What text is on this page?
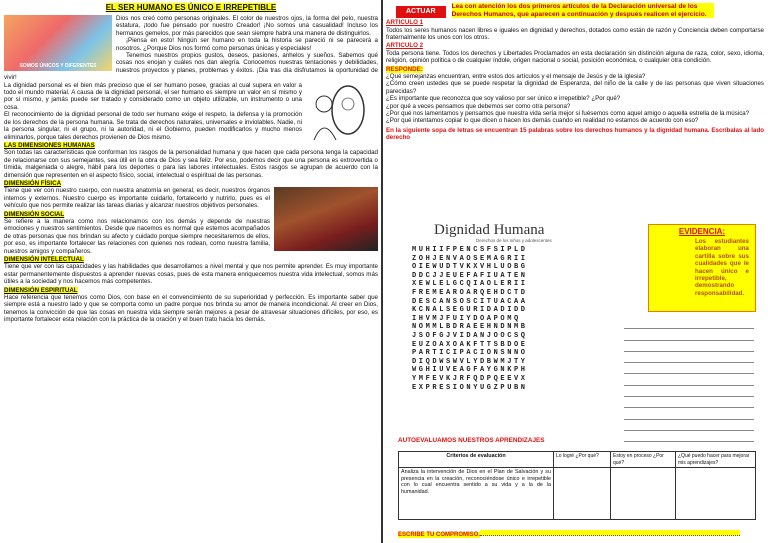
EL SER HUMANO ES ÚNICO E IRREPETIBLE
SOMOS ÚNICOS Y DIFERENTES

Dios nos creó como personas originales. El color de nuestros ojos, la forma del pelo, nuestra estatura, ¡todo fue pensado por nuestro Creador! ¡No somos una casualidad! Incluso los hermanos gemelos, por más parecidos que sean siempre habrá una manera de distinguirlos.

¡Piensa en esto! Ningún ser humano en toda la historia se pareció ni se parecerá a nosotros. ¿Porque Dios nos formó como personas únicas y especiales!

Tenemos nuestros propios gustos, deseos, pasiones, anhelos y sueños. Sabemos qué cosas nos enojan y cuáles nos dan alegría. Conocemos nuestras tentaciones y debilidades, nuestros proyectos y planes, problemas y éxitos. ¡Dia tras día disfrutamos la oportunidad de vivir!

La dignidad personal es el bien más precioso que el ser humano posee, gracias al cual supera en valor a todo el mundo material. A causa de la dignidad personal, el ser humano es siempre un valor en sí mismo y por sí mismo, y jamás puede ser tratado y considerado como un objeto utilizable, un instrumento o una cosa.

El reconocimiento de la dignidad personal de todo ser humano exige el respeto, la defensa y la promoción de los derechos de la persona humana. Se trata de derechos naturales, universales e inviolables. Nadie, ni la persona singular, ni el grupo, ni la autoridad, ni el Gobierno, pueden modificarlos y mucho menos eliminarlos, porque tales derechos provienen de Dios mismo.

LAS DIMENSIONES HUMANAS

Son todas las características que conforman los rasgos de la personalidad humana y que hacen que cada persona tenga la capacidad de relacionarse con sus semejantes, sea útil en la obra de Dios y sea feliz. Por eso, podemos decir que una persona es extrovertida o tímida, malgeniada o alegre, hábil para los deportes o para las labores intelectuales. Estos rasgos se agrupan de acuerdo con la dimensión que representen en el aspecto físico, social, intelectual o espiritual de las personas.

DIMENSIÓN FÍSICA

Tiene que ver con nuestro cuerpo, con nuestra anatomía en general, es decir, nuestros órganos internos y externos. Nuestro cuerpo es importante cuidarlo, fortalecerlo y nutrirlo, pues es el vehículo que nos permite realizar las tareas diarias y alcanzar nuestros objetivos personales.

DIMENSIÓN SOCIAL

Se refiere a la manera como nos relacionamos con los demás y depende de nuestras emociones y nuestros sentimientos. Desde que nacemos es normal que estemos acompañados de otras personas que nos brindan su afecto y cuidado porque siempre necesitaremos de ellos, por eso, es importante fortalecer las relaciones con quienes nos rodean, como nuestra familia, nuestros amigos y compañeros.

DIMENSIÓN INTELECTUAL

Tiene que ver con las capacidades y las habilidades que desarrollamos a nivel mental y que nos permite aprender. Es muy importante estar permanentemente dispuestos a aprender nuevas cosas, pues de esta manera enriquecemos nuestra vida intelectual, somos más útiles a la sociedad y nos hacemos más competentes.

DIMENSIÓN ESPIRITUAL

Hace referencia que tenemos como Dios, con base en el convencimiento de su superioridad y perfección. Es importante saber que siempre está a nuestro lado y que se comporta como un padre porque nos brinda su amor de manera incondicional. Al creer en Dios, tenemos la convicción de que las cosas en nuestra vida siempre serán mejores a pesar de atravesar situaciones difíciles, por eso, es importante fortalecer esta relación con la práctica de la oración y el buen trato hacia los demás.

ACTUARLea con atención los dos primeros artículos de la Declaración universal de los Derechos Humanos, que aparecen a continuación y después realicen el ejercicio.
ARTICULO 1

Todos los seres humanos nacen libres e iguales en dignidad y derechos, dotados como están de razón y Conciencia deben comportarse fraternalmente los unos con los otros.

ARTICULO 2

Toda persona tiene. Todos los derechos y Libertades Proclamados en esta declaración sin distinción alguna de raza, color, sexo, idioma, religión, opinión política o de cualquier índole, origen nacional o social, posición económica, o cualquier otra condición.

RESPONDE:

¿Qué semejanzas encuentran, entre estos dos artículos y el mensaje de Jesús y de la iglesia?

¿Cómo creen ustedes que se puede respetar la dignidad de Esperanza, del niño de la calle y de las personas que viven situaciones parecidas?

¿Es importante que reconozca que soy valioso por ser único e irrepetible? ¿Por qué?

¿por qué a veces pensamos que debemos ser como otra persona?

¿Por qué nos lamentamos y pensamos que nuestra vida sería mejor si fuésemos como aquel amigo o aquella estrella de la música?

¿Por qué intentamos copiar lo que dicen o hacen los demás cuando en realidad no estamos de acuerdo con eso?

En la siguiente sopa de letras se encuentran 15 palabras sobre los derechos humanos y la dignidad humana. Escríbalas al lado derecho

Dignidad Humana
Derechos de los niños y adolescentes
MUHIIFPENCSFSIPLD
ZOHJENVAOSEMAGRII
OIEWUDTVKXVHLUOBG
DDCJJEUEFAFIUATEN
XEWLELGCQIAOLERII
FREMEAROARQEHDCTD
DESCANSOSCITUACAA
KCNALSEGURIDADIDD
IHVMJFUIYDOAPOMQ
NOMMLBDRAEEHNDNMB
JSOFGJVIDANJOOCSQ
EUZOAXOAKFTTSBDOE
PARTICIPACIONSNNO
DIQDWSWVLYDBWMJTY
WGHIUVEAGFAYGNKPH
YMFEVKJRFQDPQEEVX
EXPRESIONYUGZPUBN
EVIDENCIA:
Los estudiantes elaboran una cartilla sobre sus cualidades que le hacen único e irrepetible, demostrando responsabilidad.
AUTOEVALUAMOS NUESTROS APRENDIZAJES
Criterios de evaluación	Lo logré ¿Por qué?	Estoy en proceso ¿Por qué?	¿Qué puedo hacer para mejorar mis aprendizajes?
Analiza la intervención de Dios en el Plan de Salvación y su presencia en la creación, reconociéndose único e irrepetible con lo cual encuentra sentido a su vida y a la de la humanidad.			
ESCRIBE TU COMPROMISO.
